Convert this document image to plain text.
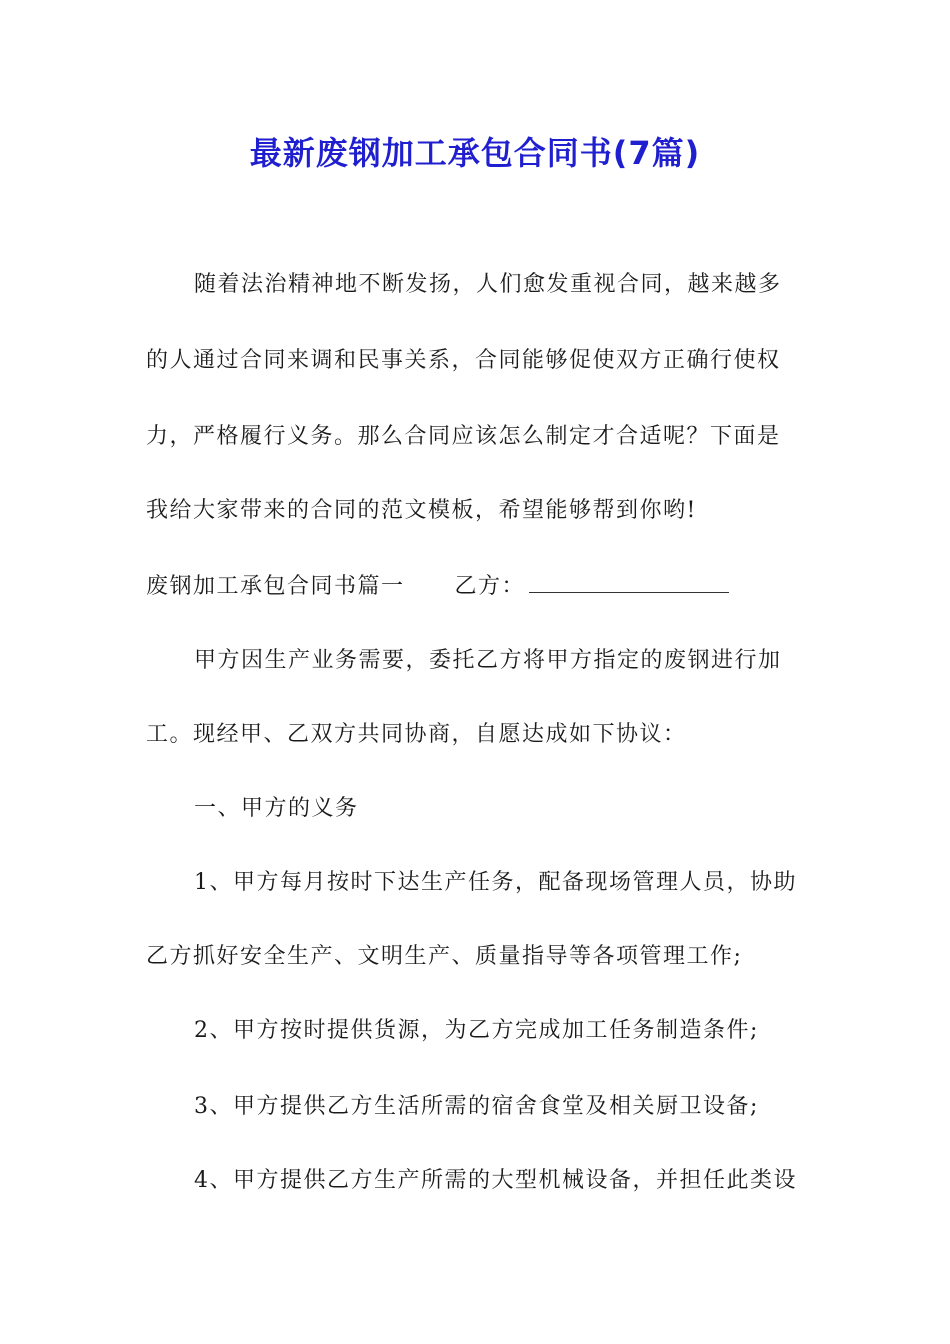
最新废钢加工承包合同书(7篇)
随着法治精神地不断发扬，人们愈发重视合同，越来越多
的人通过合同来调和民事关系，合同能够促使双方正确行使权
力，严格履行义务。那么合同应该怎么制定才合适呢？下面是
我给大家带来的合同的范文模板，希望能够帮到你哟!
废钢加工承包合同书篇一 乙方：
甲方因生产业务需要，委托乙方将甲方指定的废钢进行加
工。现经甲、乙双方共同协商，自愿达成如下协议：
一、甲方的义务
1、甲方每月按时下达生产任务，配备现场管理人员，协助
乙方抓好安全生产、文明生产、质量指导等各项管理工作;
2、甲方按时提供货源，为乙方完成加工任务制造条件;
3、甲方提供乙方生活所需的宿舍食堂及相关厨卫设备;
4、甲方提供乙方生产所需的大型机械设备，并担任此类设
